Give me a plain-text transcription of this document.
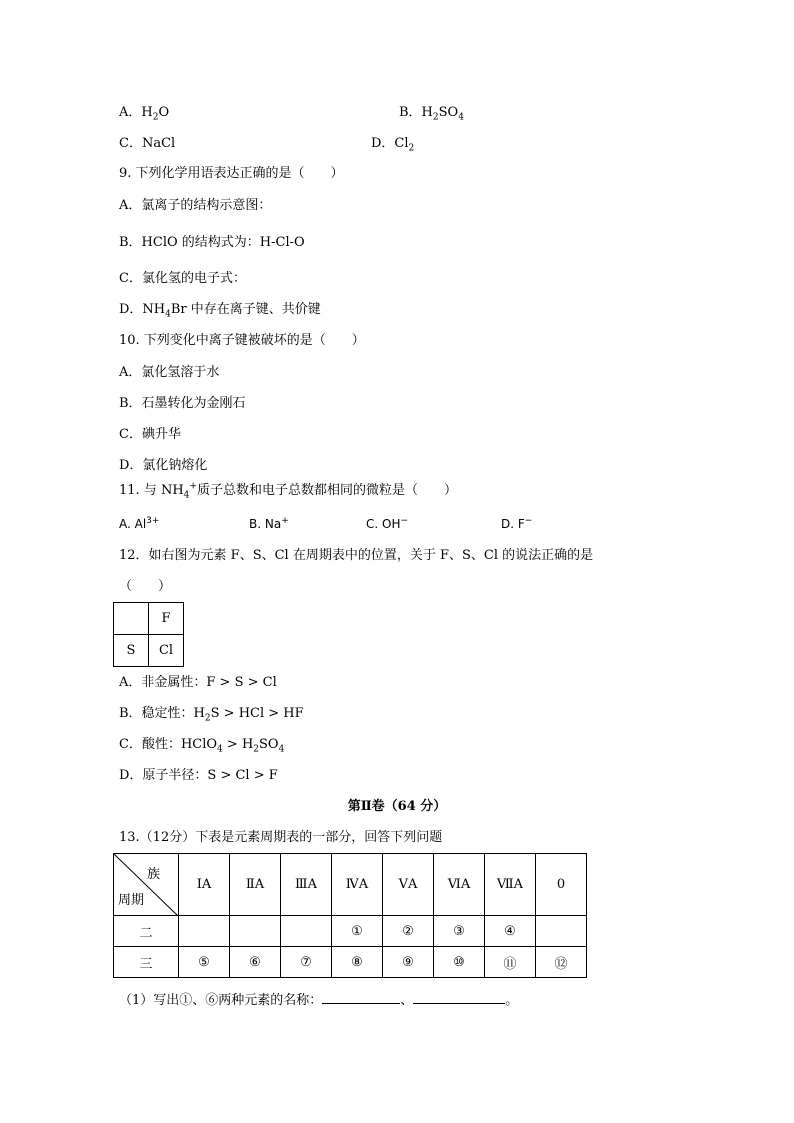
A．$H_2O$	B．$H_2SO_4$
C．NaCl	D．$Cl_2$
9. 下列化学用语表达正确的是（　　）
A．氯离子的结构示意图：
B．HClO 的结构式为：H-Cl-O
C．氯化氢的电子式：
D．$NH_4Br$ 中存在离子键、共价键
10. 下列变化中离子键被破坏的是（　　）
A．氯化氢溶于水
B．石墨转化为金刚石
C．碘升华
D．氯化钠熔化
11. 与 $NH_4^+$质子总数和电子总数都相同的微粒是（　　）
A. $Al^{3+}$	B. Na+	C. OH−	D. F−
12．如右图为元素 F、S、Cl 在周期表中的位置，关于 F、S、Cl 的说法正确的是
（　　）
	F
S	Cl
A．非金属性：F > S > Cl
B．稳定性：$H_2S$ > HCl > HF
C．酸性：HClO$_4$ > $H_2SO_4$
D．原子半径：S > Cl > F
第Ⅱ卷（64 分）
13.（12分）下表是元素周期表的一部分，回答下列问题
族
周期	ⅠA	ⅡA	ⅢA	ⅣA	ⅤA	ⅥA	ⅦA	0
二				①	②	③	④	
三	⑤	⑥	⑦	⑧	⑨	⑩	⑪	⑫
（1）写出①、⑥两种元素的名称：	、	。
